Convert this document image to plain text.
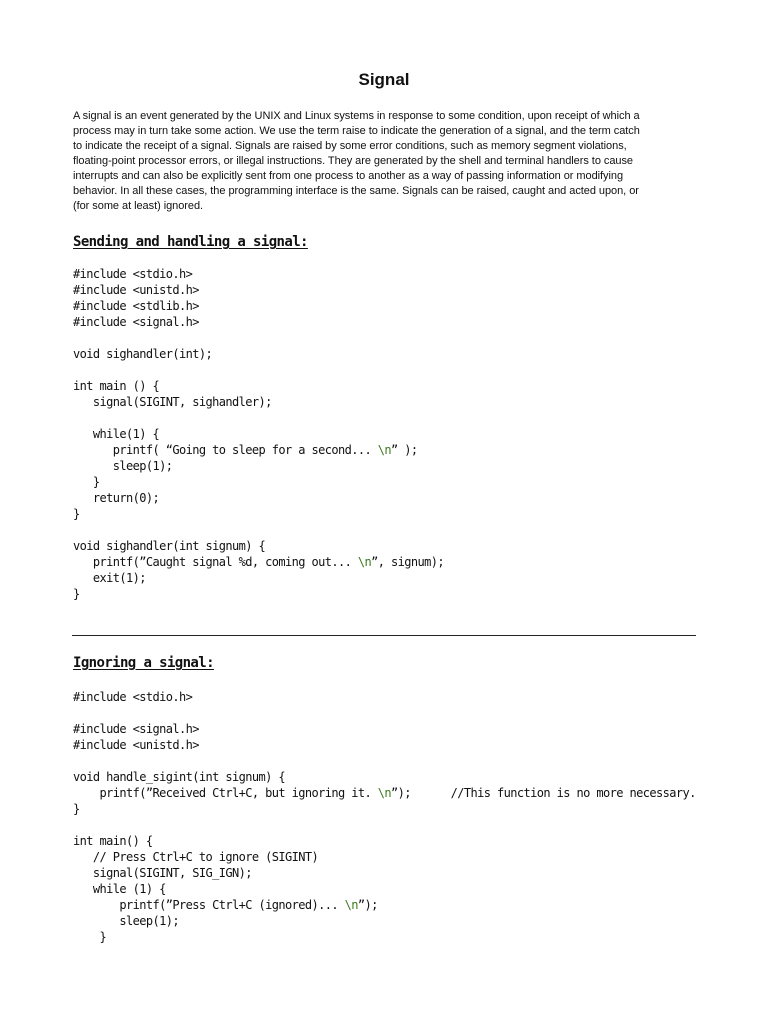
Signal
A signal is an event generated by the UNIX and Linux systems in response to some condition, upon receipt of which a
process may in turn take some action. We use the term raise to indicate the generation of a signal, and the term catch
to indicate the receipt of a signal. Signals are raised by some error conditions, such as memory segment violations,
floating-point processor errors, or illegal instructions. They are generated by the shell and terminal handlers to cause
interrupts and can also be explicitly sent from one process to another as a way of passing information or modifying
behavior. In all these cases, the programming interface is the same. Signals can be raised, caught and acted upon, or
(for some at least) ignored.
Sending and handling a signal:
#include <stdio.h>
#include <unistd.h>
#include <stdlib.h>
#include <signal.h>
void sighandler(int);
int main () {
signal(SIGINT, sighandler);
while(1) {
printf( “Going to sleep for a second... \n” );
sleep(1);
}
return(0);
}
void sighandler(int signum) {
printf(”Caught signal %d, coming out... \n”, signum);
exit(1);
}
Ignoring a signal:
#include <stdio.h>
#include <signal.h>
#include <unistd.h>
void handle_sigint(int signum) {
printf(”Received Ctrl+C, but ignoring it. \n”);      //This function is no more necessary.
}
int main() {
// Press Ctrl+C to ignore (SIGINT)
signal(SIGINT, SIG_IGN);
while (1) {
printf(”Press Ctrl+C (ignored)... \n”);
sleep(1);
}
